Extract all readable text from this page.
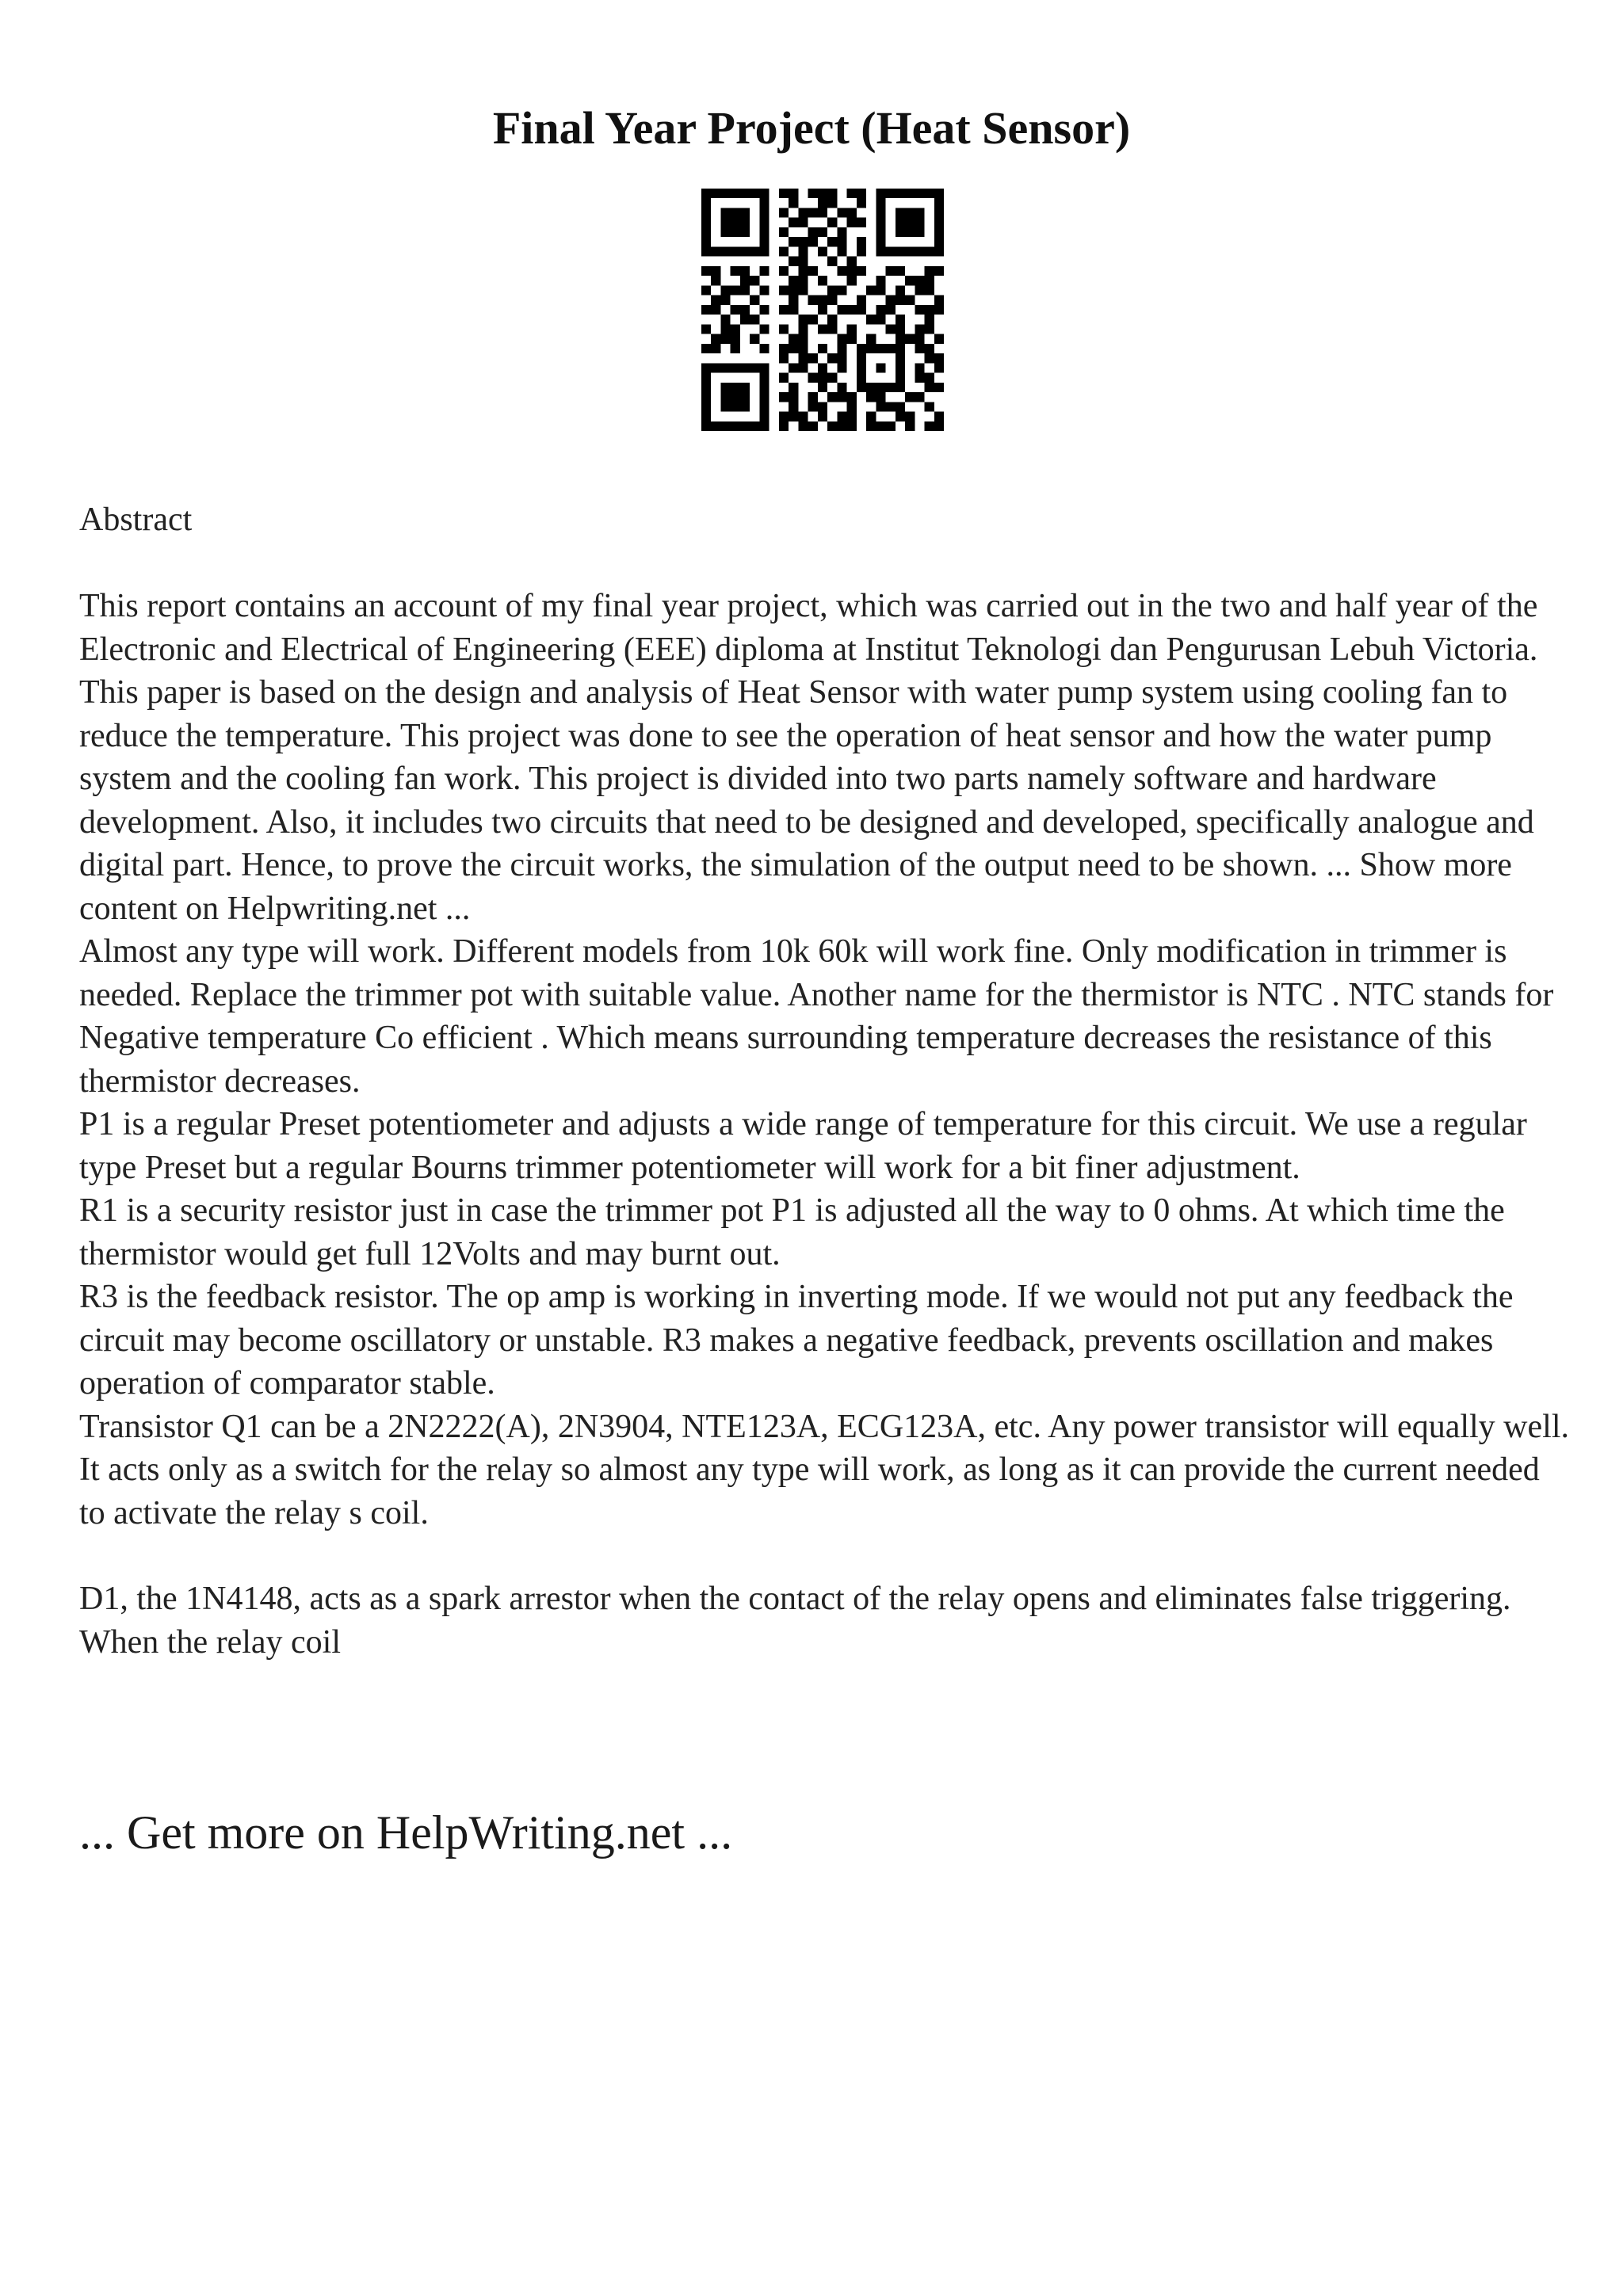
Final Year Project (Heat Sensor)
Abstract

This report contains an account of my final year project, which was carried out in the two and half year of the Electronic and Electrical of Engineering (EEE) diploma at Institut Teknologi dan Pengurusan Lebuh Victoria.

This paper is based on the design and analysis of Heat Sensor with water pump system using cooling fan to reduce the temperature. This project was done to see the operation of heat sensor and how the water pump system and the cooling fan work. This project is divided into two parts namely software and hardware development. Also, it includes two circuits that need to be designed and developed, specifically analogue and digital part. Hence, to prove the circuit works, the simulation of the output need to be shown. ... Show more content on Helpwriting.net ...

Almost any type will work. Different models from 10k 60k will work fine. Only modification in trimmer is needed. Replace the trimmer pot with suitable value. Another name for the thermistor is NTC . NTC stands for Negative temperature Co efficient . Which means surrounding temperature decreases the resistance of this thermistor decreases.

P1 is a regular Preset potentiometer and adjusts a wide range of temperature for this circuit. We use a regular type Preset but a regular Bourns trimmer potentiometer will work for a bit finer adjustment.

R1 is a security resistor just in case the trimmer pot P1 is adjusted all the way to 0 ohms. At which time the thermistor would get full 12Volts and may burnt out.

R3 is the feedback resistor. The op amp is working in inverting mode. If we would not put any feedback the circuit may become oscillatory or unstable. R3 makes a negative feedback, prevents oscillation and makes operation of comparator stable.

Transistor Q1 can be a 2N2222(A), 2N3904, NTE123A, ECG123A, etc. Any power transistor will equally well. It acts only as a switch for the relay so almost any type will work, as long as it can provide the current needed to activate the relay s coil.

D1, the 1N4148, acts as a spark arrestor when the contact of the relay opens and eliminates false triggering. When the relay coil

... Get more on HelpWriting.net ...
